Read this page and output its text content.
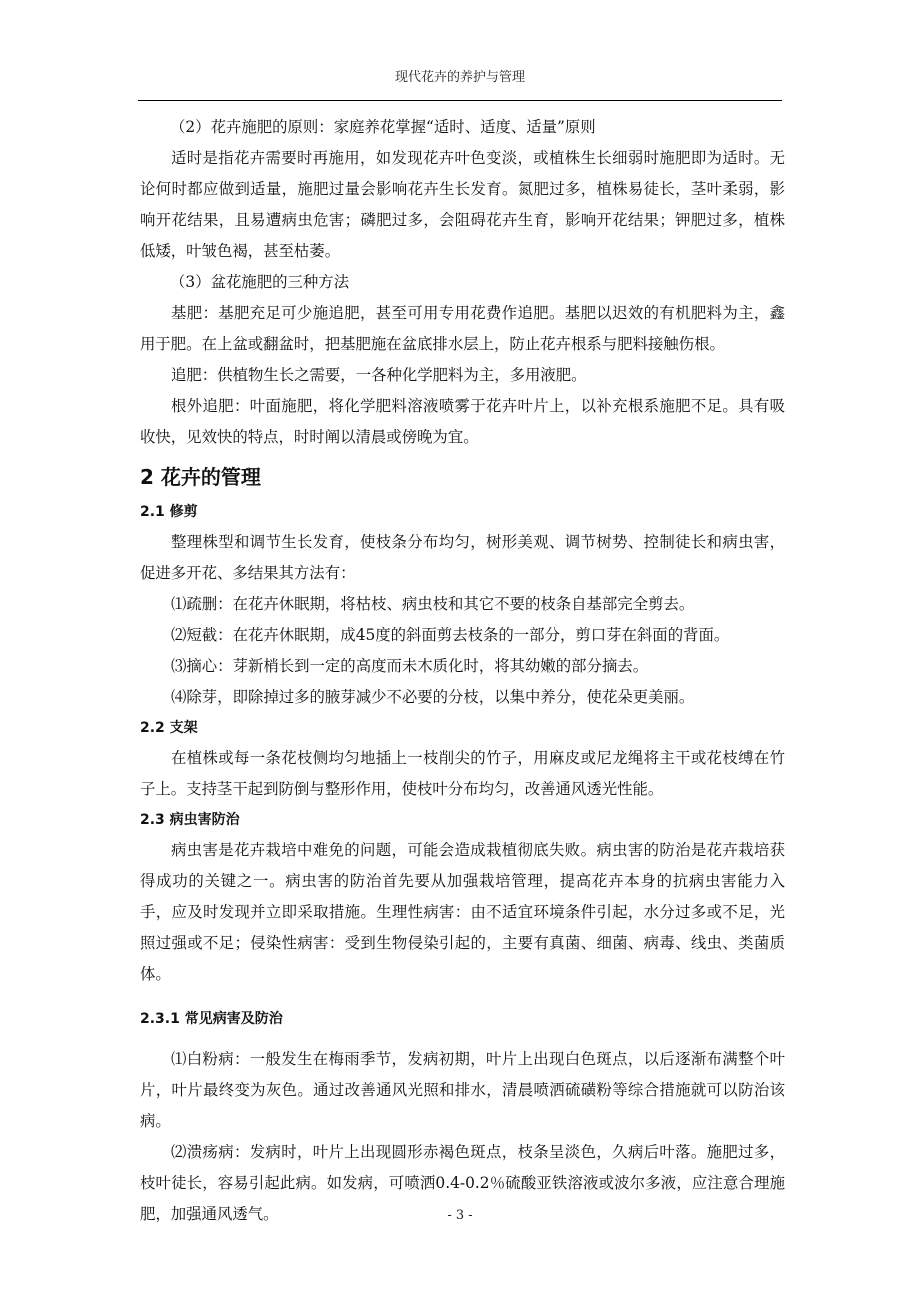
现代花卉的养护与管理

（2）花卉施肥的原则：家庭养花掌握“适时、适度、适量”原则

适时是指花卉需要时再施用，如发现花卉叶色变淡，或植株生长细弱时施肥即为适时。无论何时都应做到适量，施肥过量会影响花卉生长发育。氮肥过多，植株易徒长，茎叶柔弱，影响开花结果，且易遭病虫危害；磷肥过多，会阻碍花卉生育，影响开花结果；钾肥过多，植株低矮，叶皱色褐，甚至枯萎。

（3）盆花施肥的三种方法

基肥：基肥充足可少施追肥，甚至可用专用花费作追肥。基肥以迟效的有机肥料为主，鑫用于肥。在上盆或翻盆时，把基肥施在盆底排水层上，防止花卉根系与肥料接触伤根。

追肥：供植物生长之需要，一各种化学肥料为主，多用液肥。

根外追肥：叶面施肥，将化学肥料溶液喷雾于花卉叶片上，以补充根系施肥不足。具有吸收快，见效快的特点，时时阐以清晨或傍晚为宜。

2 花卉的管理
2.1 修剪

整理株型和调节生长发育，使枝条分布均匀，树形美观、调节树势、控制徒长和病虫害，促进多开花、多结果其方法有：

⑴疏删：在花卉休眠期，将枯枝、病虫枝和其它不要的枝条自基部完全剪去。

⑵短截：在花卉休眠期，成45度的斜面剪去枝条的一部分，剪口芽在斜面的背面。

⑶摘心：芽新梢长到一定的高度而未木质化时，将其幼嫩的部分摘去。

⑷除芽，即除掉过多的腋芽减少不必要的分枝，以集中养分，使花朵更美丽。

2.2 支架

在植株或每一条花枝侧均匀地插上一枝削尖的竹子，用麻皮或尼龙绳将主干或花枝缚在竹子上。支持茎干起到防倒与整形作用，使枝叶分布均匀，改善通风透光性能。

2.3 病虫害防治

病虫害是花卉栽培中难免的问题，可能会造成栽植彻底失败。病虫害的防治是花卉栽培获得成功的关键之一。病虫害的防治首先要从加强栽培管理，提高花卉本身的抗病虫害能力入手，应及时发现并立即采取措施。生理性病害：由不适宜环境条件引起，水分过多或不足，光照过强或不足；侵染性病害：受到生物侵染引起的，主要有真菌、细菌、病毒、线虫、类菌质体。

2.3.1 常见病害及防治

⑴白粉病：一般发生在梅雨季节，发病初期，叶片上出现白色斑点，以后逐渐布满整个叶片，叶片最终变为灰色。通过改善通风光照和排水，清晨喷洒硫磺粉等综合措施就可以防治该病。

⑵溃疡病：发病时，叶片上出现圆形赤褐色斑点，枝条呈淡色，久病后叶落。施肥过多，枝叶徒长，容易引起此病。如发病，可喷洒0.4-0.2％硫酸亚铁溶液或波尔多液，应注意合理施肥，加强通风透气。	- 3 -
